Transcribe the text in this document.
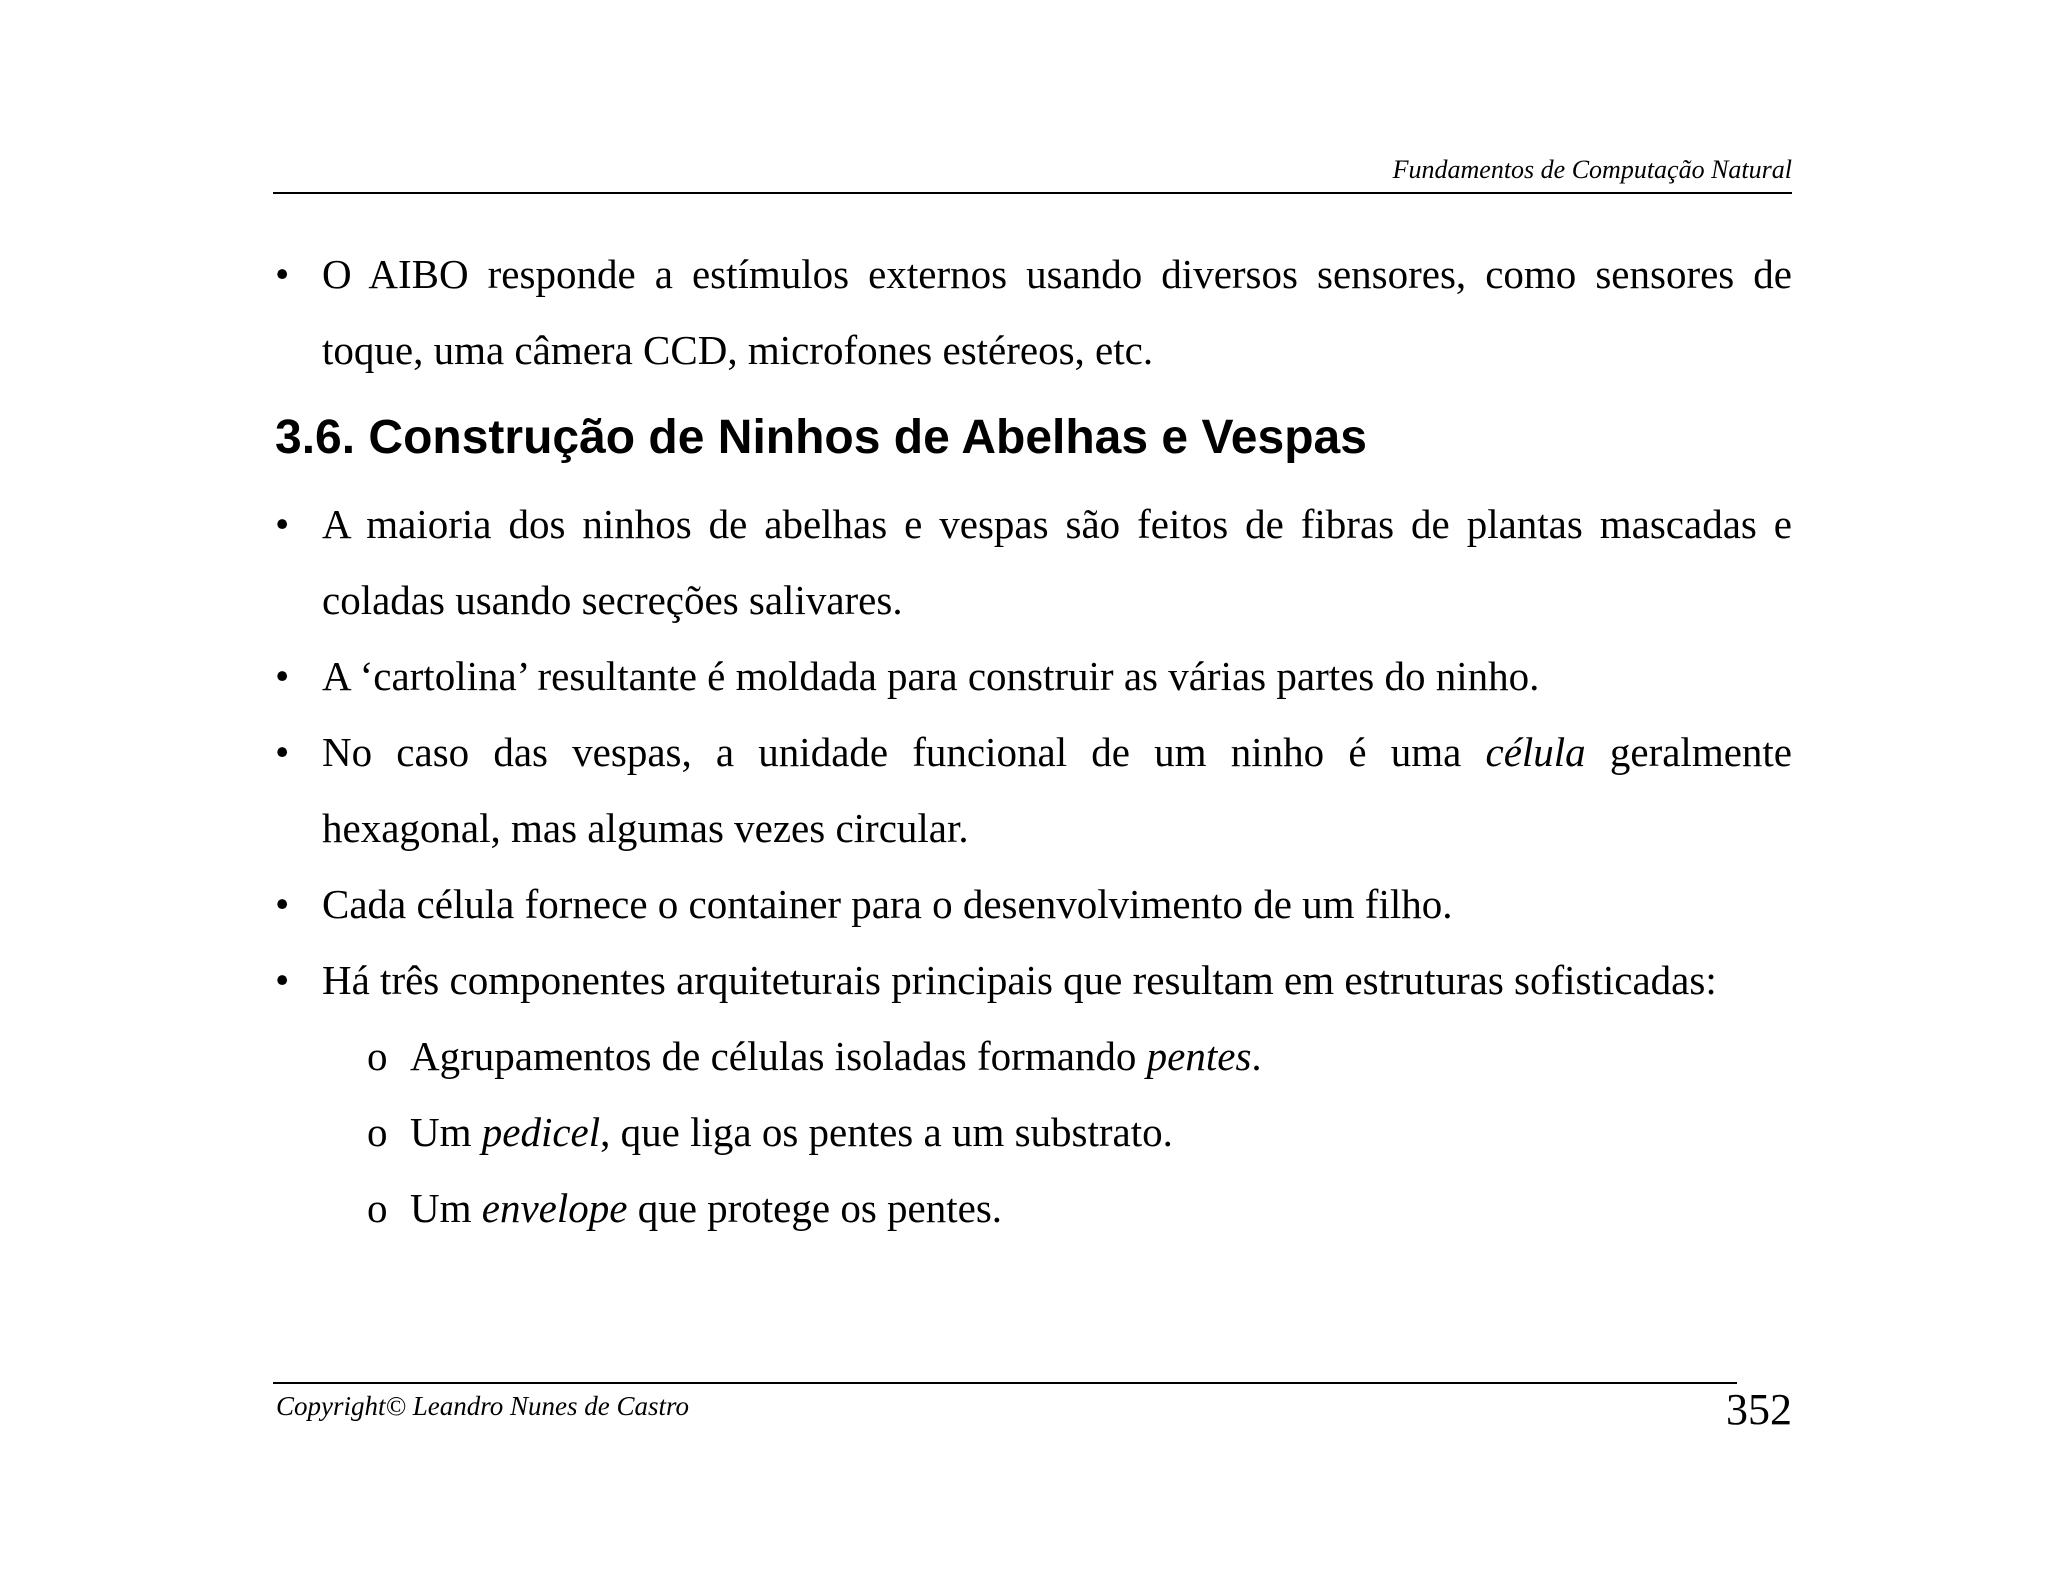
Fundamentos de Computação Natural
• O AIBO responde a estímulos externos usando diversos sensores, como sensores de toque, uma câmera CCD, microfones estéreos, etc.
3.6. Construção de Ninhos de Abelhas e Vespas
• A maioria dos ninhos de abelhas e vespas são feitos de fibras de plantas mascadas e coladas usando secreções salivares.
• A ‘cartolina’ resultante é moldada para construir as várias partes do ninho.
• No caso das vespas, a unidade funcional de um ninho é uma célula geralmente hexagonal, mas algumas vezes circular.
• Cada célula fornece o container para o desenvolvimento de um filho.
• Há três componentes arquiteturais principais que resultam em estruturas sofisticadas:
o Agrupamentos de células isoladas formando pentes.
o Um pedicel, que liga os pentes a um substrato.
o Um envelope que protege os pentes.
Copyright© Leandro Nunes de Castro	352
